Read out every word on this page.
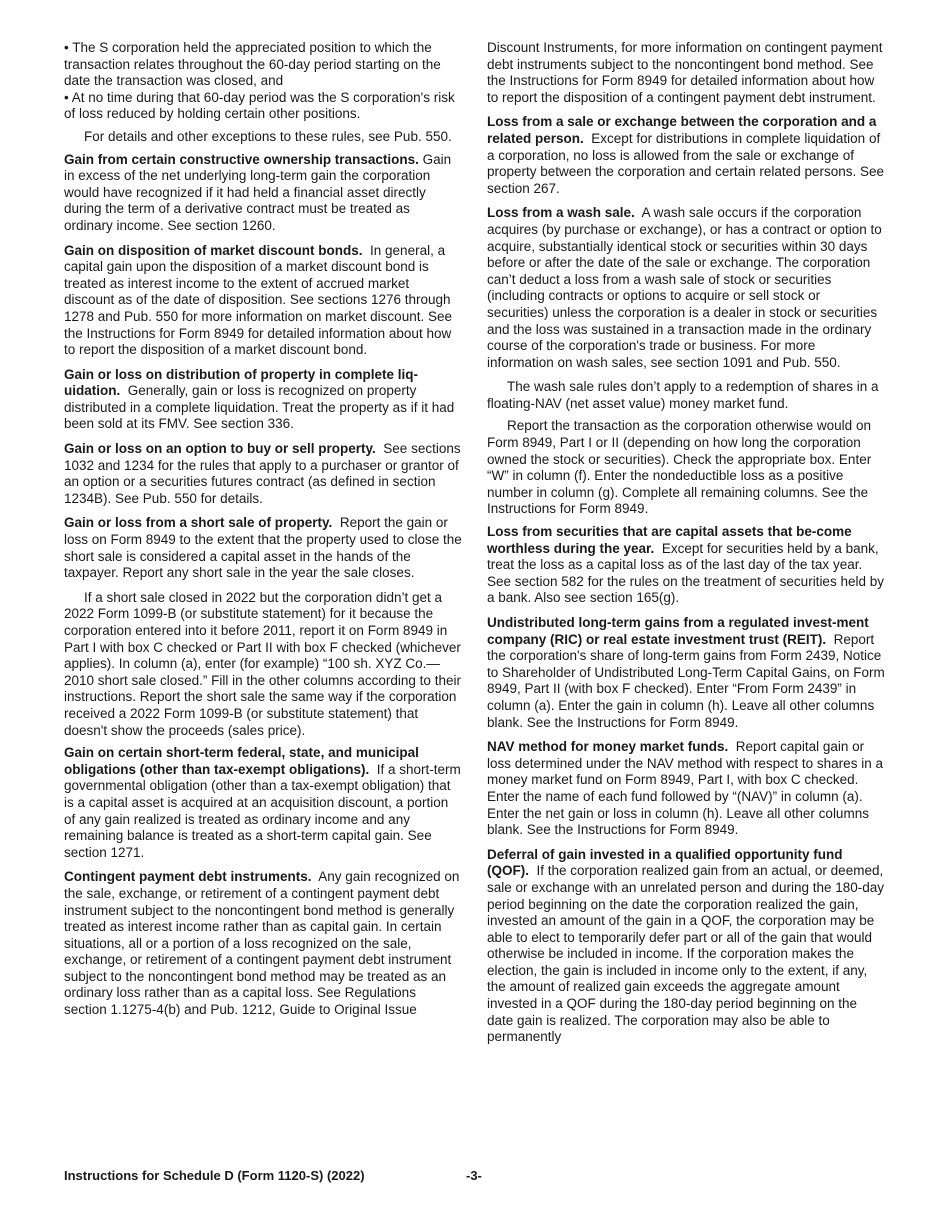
• The S corporation held the appreciated position to which the transaction relates throughout the 60-day period starting on the date the transaction was closed, and

• At no time during that 60-day period was the S corporation's risk of loss reduced by holding certain other positions.

For details and other exceptions to these rules, see Pub. 550.

Gain from certain constructive ownership transactions. Gain in excess of the net underlying long-term gain the corporation would have recognized if it had held a financial asset directly during the term of a derivative contract must be treated as ordinary income. See section 1260.

Gain on disposition of market discount bonds. In general, a capital gain upon the disposition of a market discount bond is treated as interest income to the extent of accrued market discount as of the date of disposition. See sections 1276 through 1278 and Pub. 550 for more information on market discount. See the Instructions for Form 8949 for detailed information about how to report the disposition of a market discount bond.

Gain or loss on distribution of property in complete liq-uidation. Generally, gain or loss is recognized on property distributed in a complete liquidation. Treat the property as if it had been sold at its FMV. See section 336.

Gain or loss on an option to buy or sell property. See sections 1032 and 1234 for the rules that apply to a purchaser or grantor of an option or a securities futures contract (as defined in section 1234B). See Pub. 550 for details.

Gain or loss from a short sale of property. Report the gain or loss on Form 8949 to the extent that the property used to close the short sale is considered a capital asset in the hands of the taxpayer. Report any short sale in the year the sale closes.

If a short sale closed in 2022 but the corporation didn’t get a 2022 Form 1099-B (or substitute statement) for it because the corporation entered into it before 2011, report it on Form 8949 in Part I with box C checked or Part II with box F checked (whichever applies). In column (a), enter (for example) “100 sh. XYZ Co.—2010 short sale closed.” Fill in the other columns according to their instructions. Report the short sale the same way if the corporation received a 2022 Form 1099-B (or substitute statement) that doesn't show the proceeds (sales price).

Gain on certain short-term federal, state, and municipal obligations (other than tax-exempt obligations). If a short-term governmental obligation (other than a tax-exempt obligation) that is a capital asset is acquired at an acquisition discount, a portion of any gain realized is treated as ordinary income and any remaining balance is treated as a short-term capital gain. See section 1271.

Contingent payment debt instruments. Any gain recognized on the sale, exchange, or retirement of a contingent payment debt instrument subject to the noncontingent bond method is generally treated as interest income rather than as capital gain. In certain situations, all or a portion of a loss recognized on the sale, exchange, or retirement of a contingent payment debt instrument subject to the noncontingent bond method may be treated as an ordinary loss rather than as a capital loss. See Regulations section 1.1275-4(b) and Pub. 1212, Guide to Original Issue

Discount Instruments, for more information on contingent payment debt instruments subject to the noncontingent bond method. See the Instructions for Form 8949 for detailed information about how to report the disposition of a contingent payment debt instrument.

Loss from a sale or exchange between the corporation and a related person. Except for distributions in complete liquidation of a corporation, no loss is allowed from the sale or exchange of property between the corporation and certain related persons. See section 267.

Loss from a wash sale. A wash sale occurs if the corporation acquires (by purchase or exchange), or has a contract or option to acquire, substantially identical stock or securities within 30 days before or after the date of the sale or exchange. The corporation can’t deduct a loss from a wash sale of stock or securities (including contracts or options to acquire or sell stock or securities) unless the corporation is a dealer in stock or securities and the loss was sustained in a transaction made in the ordinary course of the corporation's trade or business. For more information on wash sales, see section 1091 and Pub. 550.

The wash sale rules don’t apply to a redemption of shares in a floating-NAV (net asset value) money market fund.

Report the transaction as the corporation otherwise would on Form 8949, Part I or II (depending on how long the corporation owned the stock or securities). Check the appropriate box. Enter “W” in column (f). Enter the nondeductible loss as a positive number in column (g). Complete all remaining columns. See the Instructions for Form 8949.

Loss from securities that are capital assets that be-come worthless during the year. Except for securities held by a bank, treat the loss as a capital loss as of the last day of the tax year. See section 582 for the rules on the treatment of securities held by a bank. Also see section 165(g).

Undistributed long-term gains from a regulated invest-ment company (RIC) or real estate investment trust (REIT). Report the corporation's share of long-term gains from Form 2439, Notice to Shareholder of Undistributed Long-Term Capital Gains, on Form 8949, Part II (with box F checked). Enter “From Form 2439” in column (a). Enter the gain in column (h). Leave all other columns blank. See the Instructions for Form 8949.

NAV method for money market funds. Report capital gain or loss determined under the NAV method with respect to shares in a money market fund on Form 8949, Part I, with box C checked. Enter the name of each fund followed by “(NAV)” in column (a). Enter the net gain or loss in column (h). Leave all other columns blank. See the Instructions for Form 8949.

Deferral of gain invested in a qualified opportunity fund (QOF). If the corporation realized gain from an actual, or deemed, sale or exchange with an unrelated person and during the 180-day period beginning on the date the corporation realized the gain, invested an amount of the gain in a QOF, the corporation may be able to elect to temporarily defer part or all of the gain that would otherwise be included in income. If the corporation makes the election, the gain is included in income only to the extent, if any, the amount of realized gain exceeds the aggregate amount invested in a QOF during the 180-day period beginning on the date gain is realized. The corporation may also be able to permanently

Instructions for Schedule D (Form 1120-S) (2022)	-3-
